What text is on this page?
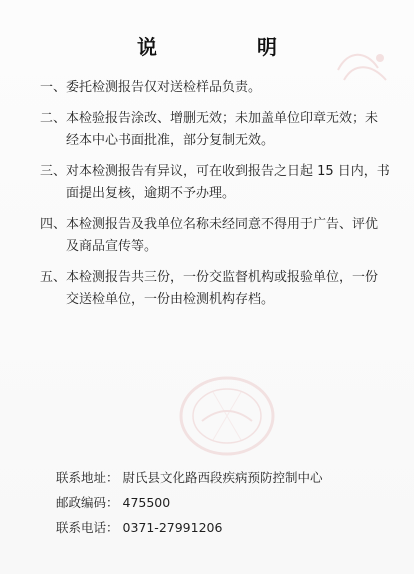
说　明
一、委托检测报告仅对送检样品负责。
二、本检验报告涂改、增删无效；未加盖单位印章无效；未经本中心书面批准，部分复制无效。
三、对本检测报告有异议，可在收到报告之日起 15 日内，书面提出复核，逾期不予办理。
四、本检测报告及我单位名称未经同意不得用于广告、评优及商品宣传等。
五、本检测报告共三份，一份交监督机构或报验单位，一份交送检单位，一份由检测机构存档。
联系地址： 尉氏县文化路西段疾病预防控制中心
邮政编码： 475500
联系电话： 0371-27991206
